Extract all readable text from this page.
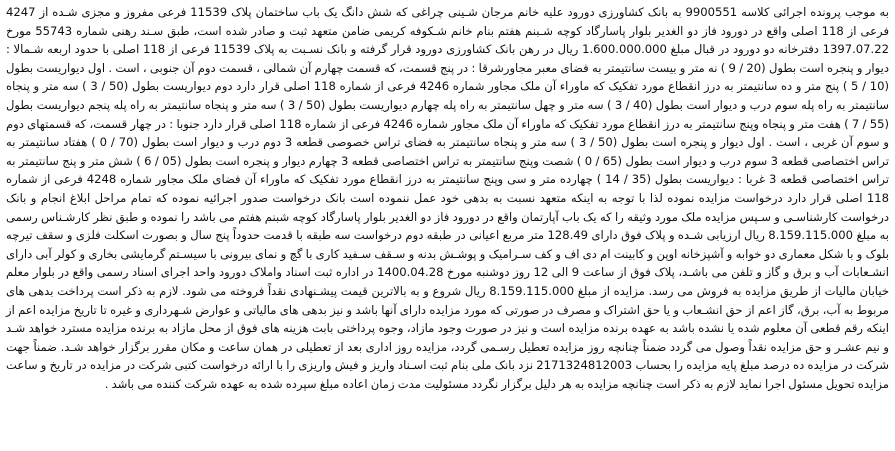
به موجب پرونده اجرائی کلاسه 9900551 به بانک کشاورزی دورود علیه خانم مرجان شـینی چراغی که شش دانگ یک باب ساختمان پلاک 11539 فرعی مفروز و مجزی شـده از 4247 فرعی از 118 اصلی واقع در دورود فاز دو الغدیر بلوار پاسارگاد کوچه شـبنم هفتم بنام خانم شـکوفه کریمی ضامن متعهد ثبت و صادر شده است، طبق سـند رهنی شماره 55743 مورخ 1397.07.22 دفترخانه دو دورود در قبال مبلغ 1.600.000.000 ریال در رهن بانک کشاورزی دورود قرار گرفته و بانک نسـبت به پلاک 11539 فرعی از 118 اصلی با حدود اربعه شـمالا : دیوار و پنجره است بطول (20 / 9 ) نه متر و بیست سانتیمتر به فضای معبر مجاورشرقا : در پنج قسمت، که قسمت چهارم آن شمالی ، قسمت دوم آن جنوبی ، است . اول دیواریست بطول (10 / 5 ) پنج متر و ده سانتیمتر به درز انقطاع مورد تفکیک که ماوراء آن ملک مجاور شماره 4246 فرعی از شماره 118 اصلی قرار دارد دوم دیواریست بطول (50 / 3 ) سه متر و پنجاه سانتیمتر به راه پله سوم درب و دیوار است بطول (40 / 3 ) سه متر و چهل سانتیمتر به راه پله چهارم دیواریست بطول (50 / 3 ) سه متر و پنجاه سانتیمتر به راه پله پنجم دیواریست بطول (55 / 7 ) هفت متر و پنجاه وپنج سانتیمتر به درز انقطاع مورد تفکیک که ماوراء آن ملک مجاور شماره 4246 فرعی از شماره 118 اصلی قرار دارد جنوبا : در چهار قسمت، که قسمتهای دوم و سوم آن غربی ، است . اول دیوار و پنجره است بطول (50 / 3 ) سه متر و پنجاه سانتیمتر به فضای تراس خصوصی قطعه 3 دوم درب و دیوار است بطول (70 / 0 ) هفتاد سانتیمتر به تراس اختصاصی قطعه 3 سوم درب و دیوار است بطول (65 / 0 ) شصت وپنج سانتیمتر به تراس اختصاصی قطعه 3 چهارم دیوار و پنجره است بطول (05 / 6 ) شش متر و پنج سانتیمتر به تراس اختصاصی قطعه 3 غربا : دیواریست بطول (35 / 14 ) چهارده متر و سی وپنج سانتیمتر به درز انقطاع مورد تفکیک که ماوراء آن فضای ملک مجاور شماره 4248 فرعی از شماره 118 اصلی قرار دارد درخواست مزایده نموده لذا با توجه به اینکه متعهد نسبت به بدهی خود عمل ننموده است بانک درخواست صدور اجرائیه نموده که تمام مراحل ابلاغ انجام و بانک درخواست کارشناسـی و سـپس مزایده ملک مورد وثیقه را که یک باب آپارتمان واقع در دورود فاز دو الغدیر بلوار پاسارگاد کوچه شبنم هفتم می باشد را نموده و طبق نظر کارشـناس رسمی به مبلغ 8.159.115.000 ریال ارزیابی شـده و پلاک فوق دارای 128.49 متر مربع اعیانی در طبقه دوم درخواست سه طبقه با قدمت حدوداً پنج سال و بصورت اسکلت فلزی و سقف تیرچه بلوک و با شکل معماری دو خوابه و آشپزخانه اوپن و کابینت ام دی اف و کف سـرامیک و پوشـش بدنه و سـقف سـفید کاری با گچ و نمای بیرونی با سیسـتم گرمایشی بخاری و کولر آبی دارای انشـعابات آب و برق و گاز و تلفن می باشـد، پلاک فوق از ساعت 9 الی 12 روز دوشنبه مورخ 1400.04.28 در اداره ثبت اسناد واملاک دورود واحد اجرای اسناد رسمی واقع در بلوار معلم خیابان مالیات از طریق مزایده به فروش می رسد. مزایده از مبلغ 8.159.115.000 ریال شروع و به بالاترین قیمت پیشـنهادی نقداً فروخته می شود. لازم به ذکر است پرداخت بدهی های مربوط به آب، برق، گاز اعم از حق انشـعاب و یا حق اشتراک و مصرف در صورتی که مورد مزایده دارای آنها باشد و نیز بدهی های مالیاتی و عوارض شـهرداری و غیره تا تاریخ مزایده اعم از اینکه رقم قطعی آن معلوم شده یا نشده باشد به عهده برنده مزایده است و نیز در صورت وجود مازاد، وجوه پرداختی بابت هزینه های فوق از محل مازاد به برنده مزایده مسترد خواهد شـد و نیم عشـر و حق مزایده نقداً وصول می گردد ضمناً چنانچه روز مزایده تعطیل رسـمی گردد، مزایده روز اداری بعد از تعطیلی در همان ساعت و مکان مقرر برگزار خواهد شـد. ضمناً جهت شرکت در مزایده ده درصد مبلغ پایه مزایده را بحساب 2171324812003 نزد بانک ملی بنام ثبت اسـناد واریز و فیش واریزی را با ارائه درخواست کتبی شرکت در مزایده در تاریخ و ساعت مزایده تحویل مسئول اجرا نماید لازم به ذکر است چنانچه مزایده به هر دلیل برگزار نگردد مسئولیت مدت زمان اعاده مبلغ سپرده شده به عهده شرکت کننده می باشد .
